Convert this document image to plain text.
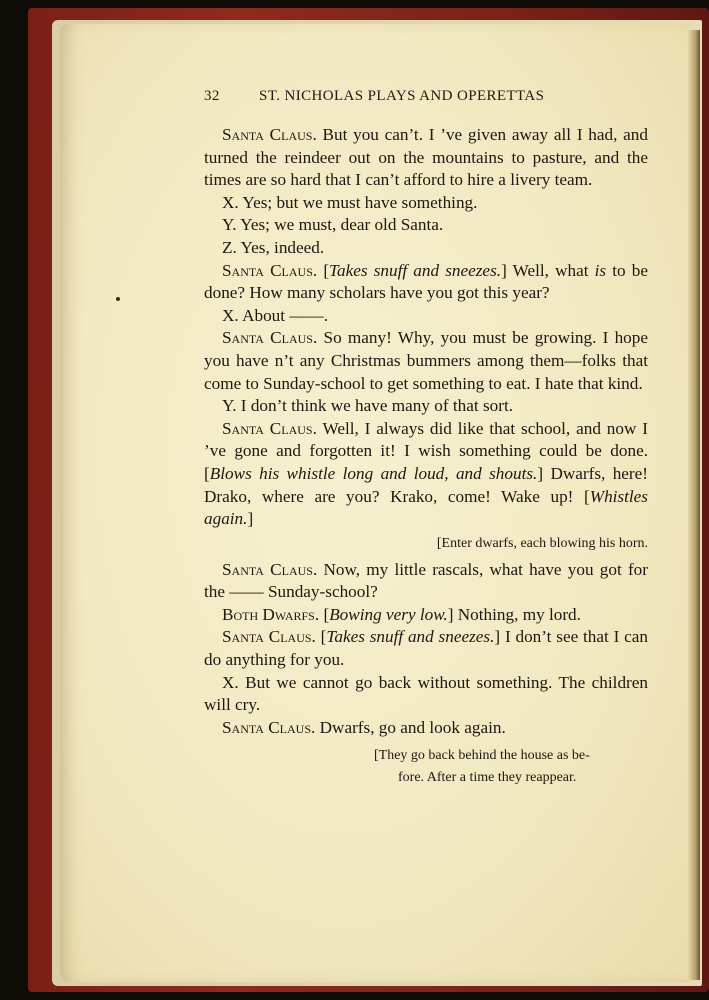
32	ST. NICHOLAS PLAYS AND OPERETTAS

Santa Claus. But you can’t. I ’ve given away all I had, and turned the reindeer out on the mountains to pasture, and the times are so hard that I can’t afford to hire a livery team.

X. Yes; but we must have something.

Y. Yes; we must, dear old Santa.

Z. Yes, indeed.

Santa Claus. [Takes snuff and sneezes.] Well, what is to be done? How many scholars have you got this year?

X. About ——.

Santa Claus. So many! Why, you must be growing. I hope you have n’t any Christmas bummers among them—folks that come to Sunday-school to get something to eat. I hate that kind.

Y. I don’t think we have many of that sort.

Santa Claus. Well, I always did like that school, and now I ’ve gone and forgotten it! I wish something could be done. [Blows his whistle long and loud, and shouts.] Dwarfs, here! Drako, where are you? Krako, come! Wake up! [Whistles again.]

[Enter dwarfs, each blowing his horn.

Santa Claus. Now, my little rascals, what have you got for the —— Sunday-school?

Both Dwarfs. [Bowing very low.] Nothing, my lord.

Santa Claus. [Takes snuff and sneezes.] I don’t see that I can do anything for you.

X. But we cannot go back without something. The children will cry.

Santa Claus. Dwarfs, go and look again.

[They go back behind the house as be-
fore. After a time they reappear.
